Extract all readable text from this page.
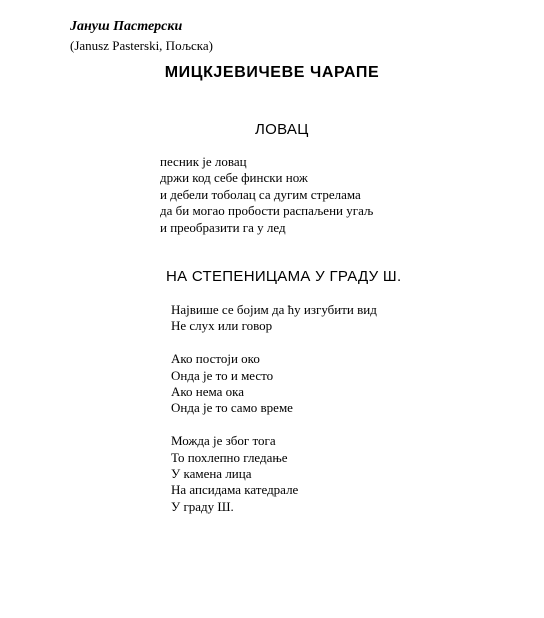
Јануш Пастерски
(Janusz Pasterski, Пољска)
МИЦКЈЕВИЧЕВЕ ЧАРАПЕ
ЛОВАЦ
песник је ловац
држи код себе фински нож
и дебели тоболац са дугим стрелама
да би могао пробости распаљени угаљ
и преобразити га у лед
НА СТЕПЕНИЦАМА У ГРАДУ Ш.
Највише се бојим да ћу изгубити вид
Не слух или говор
Ако постоји око
Онда је то и место
Ако нема ока
Онда је то само време
Можда је због тога
То похлепно гледање
У камена лица
На апсидама катедрале
У граду Ш.
